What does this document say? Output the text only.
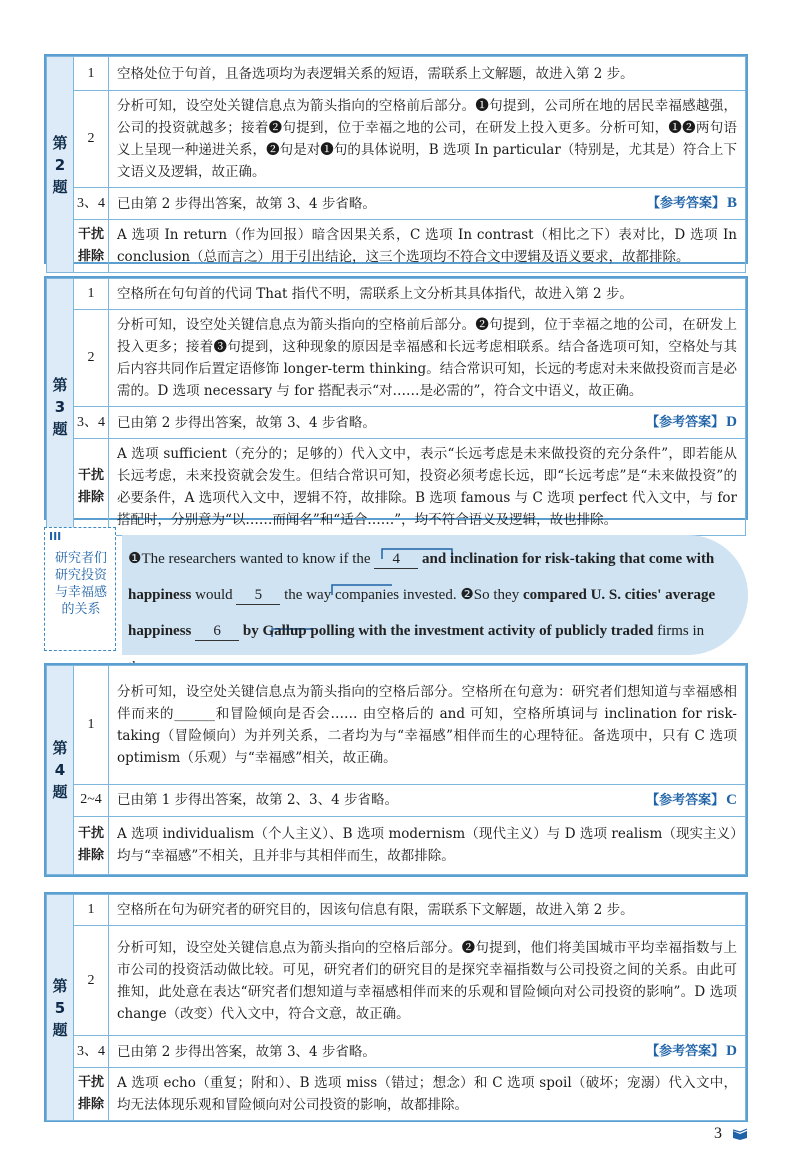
第
2
题	1	空格处位于句首，且备选项均为表逻辑关系的短语，需联系上文解题，故进入第 2 步。
	2	分析可知，设空处关键信息点为箭头指向的空格前后部分。❶句提到，公司所在地的居民幸福感越强，公司的投资就越多；接着❷句提到，位于幸福之地的公司，在研发上投入更多。分析可知，❶❷两句语义上呈现一种递进关系，❷句是对❶句的具体说明，B 选项 In particular（特别是，尤其是）符合上下文语义及逻辑，故正确。
	3、4	已由第 2 步得出答案，故第 3、4 步省略。 【参考答案】 B

	干扰排除	A 选项 In return（作为回报）暗含因果关系，C 选项 In contrast（相比之下）表对比，D 选项 In conclusion（总而言之）用于引出结论，这三个选项均不符合文中逻辑及语义要求，故都排除。
第
3
题	1	空格所在句句首的代词 That 指代不明，需联系上文分析其具体指代，故进入第 2 步。
	2	分析可知，设空处关键信息点为箭头指向的空格前后部分。❷句提到，位于幸福之地的公司，在研发上投入更多；接着❸句提到，这种现象的原因是幸福感和长远考虑相联系。结合备选项可知，空格处与其后内容共同作后置定语修饰 longer-term thinking。结合常识可知，长远的考虑对未来做投资而言是必需的。D 选项 necessary 与 for 搭配表示“对……是必需的”，符合文中语义，故正确。
	3、4	已由第 2 步得出答案，故第 3、4 步省略。 【参考答案】 D

	干扰排除	A 选项 sufficient（充分的；足够的）代入文中，表示“长远考虑是未来做投资的充分条件”，即若能从长远考虑，未来投资就会发生。但结合常识可知，投资必须考虑长远，即“长远考虑”是“未来做投资”的必要条件，A 选项代入文中，逻辑不符，故排除。B 选项 famous 与 C 选项 perfect 代入文中，与 for 搭配时，分别意为“以……而闻名”和“适合……”，均不符合语义及逻辑，故也排除。
III
研究者们研究投资与幸福感的关系
❶The researchers wanted to know if the 4 and inclination for risk-taking that come with happiness would 5 the way companies invested. ❷So they compared U. S. cities' average happiness 6 by Gallup polling with the investment activity of publicly traded firms in
第
4
题	1	分析可知，设空处关键信息点为箭头指向的空格后部分。空格所在句意为：研究者们想知道与幸福感相伴而来的______和冒险倾向是否会…… 由空格后的 and 可知，空格所填词与 inclination for risk-taking（冒险倾向）为并列关系，二者均为与“幸福感”相伴而生的心理特征。备选项中，只有 C 选项 optimism（乐观）与“幸福感”相关，故正确。
	2~4	已由第 1 步得出答案，故第 2、3、4 步省略。 【参考答案】 C

	干扰排除	A 选项 individualism（个人主义）、B 选项 modernism（现代主义）与 D 选项 realism（现实主义）均与“幸福感”不相关，且并非与其相伴而生，故都排除。
第
5
题	1	空格所在句为研究者的研究目的，因该句信息有限，需联系下文解题，故进入第 2 步。
	2	分析可知，设空处关键信息点为箭头指向的空格后部分。❷句提到，他们将美国城市平均幸福指数与上市公司的投资活动做比较。可见，研究者们的研究目的是探究幸福指数与公司投资之间的关系。由此可推知，此处意在表达“研究者们想知道与幸福感相伴而来的乐观和冒险倾向对公司投资的影响”。D 选项 change（改变）代入文中，符合文意，故正确。
	3、4	已由第 2 步得出答案，故第 3、4 步省略。 【参考答案】 D

	干扰排除	A 选项 echo（重复；附和）、B 选项 miss（错过；想念）和 C 选项 spoil（破坏；宠溺）代入文中，均无法体现乐观和冒险倾向对公司投资的影响，故都排除。
3
